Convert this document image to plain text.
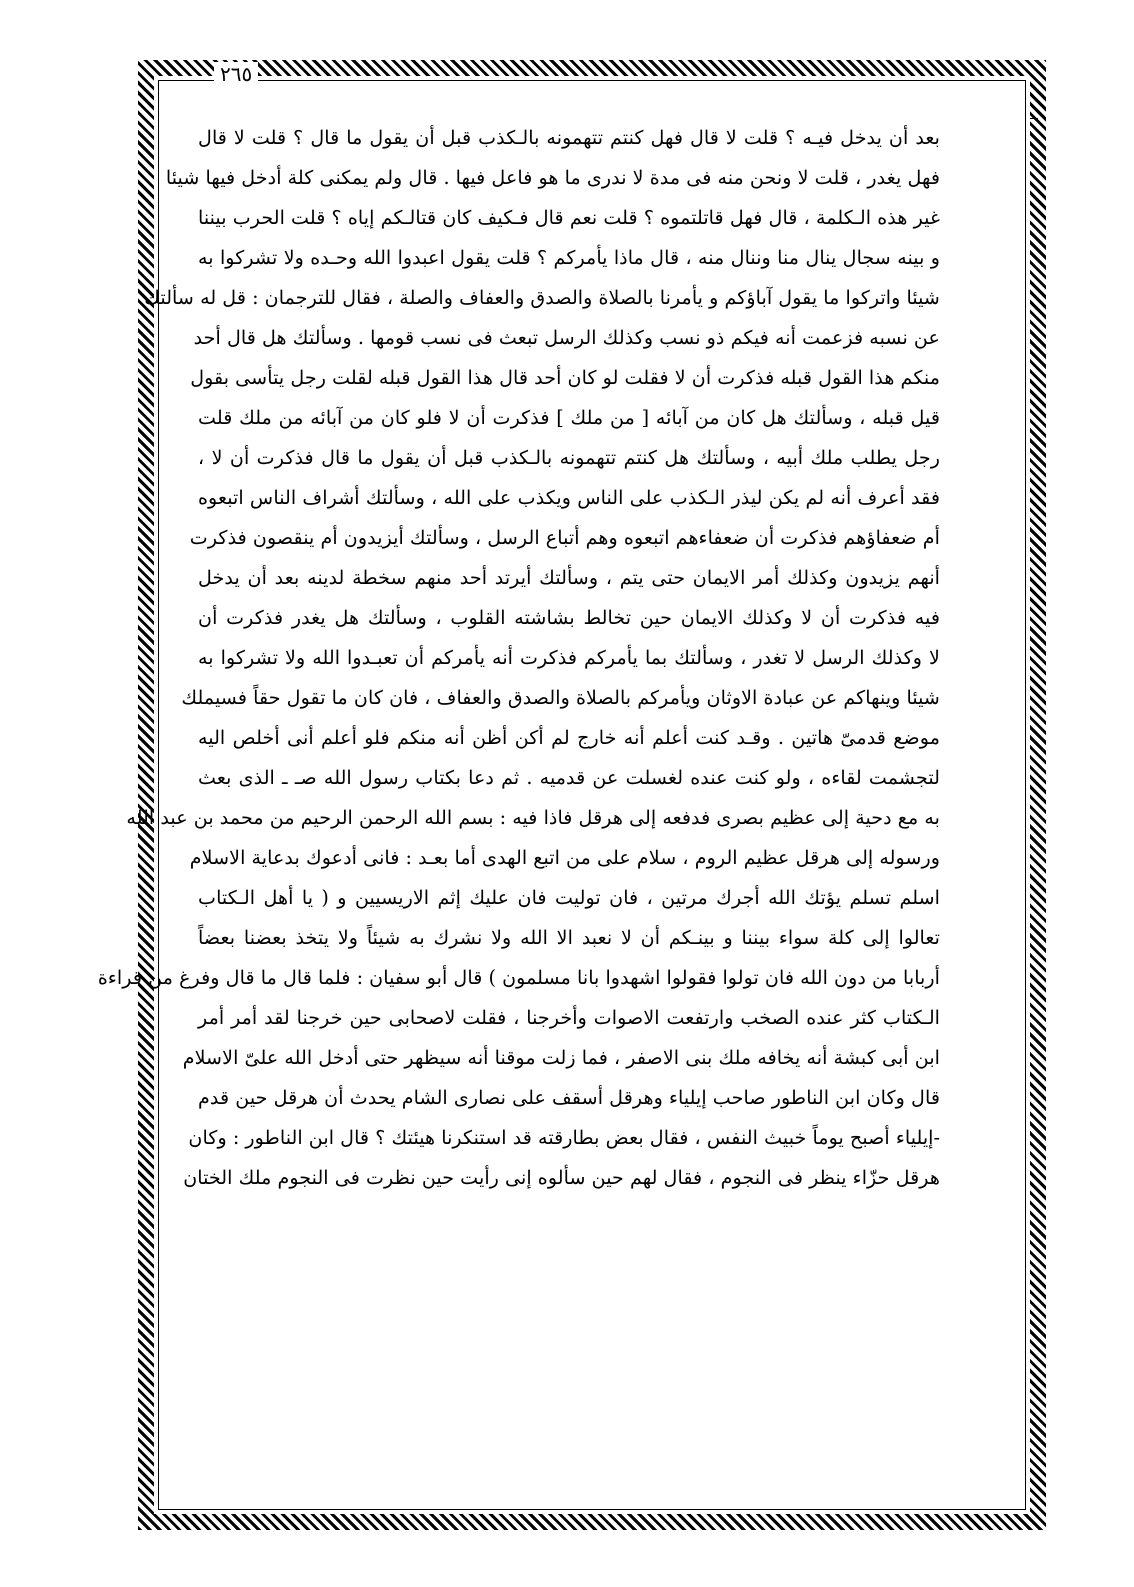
٢٦٥
بعد أن يدخل فيـه ؟ قلت لا قال فهل كنتم تتهمونه بالـكذب قبل أن يقول ما قال ؟ قلت لا قال
فهل يغدر ، قلت لا ونحن منه فى مدة لا ندرى ما هو فاعل فيها . قال ولم يمكنى كلة أدخل فيها شيئا
غير هذه الـكلمة ، قال فهل قاتلتموه ؟ قلت نعم قال فـكيف كان قتالـكم إياه ؟ قلت الحرب بيننا
و بينه سجال ينال منا وننال منه ، قال ماذا يأمركم ؟ قلت يقول اعبدوا الله وحـده ولا تشركوا به
شيئا واتركوا ما يقول آباؤكم و يأمرنا بالصلاة والصدق والعفاف والصلة ، فقال للترجمان : قل له سألتك
عن نسبه فزعمت أنه فيكم ذو نسب وكذلك الرسل تبعث فى نسب قومها . وسألتك هل قال أحد
منكم هذا القول قبله فذكرت أن لا فقلت لو كان أحد قال هذا القول قبله لقلت رجل يتأسى بقول
قيل قبله ، وسألتك هل كان من آبائه [ من ملك ] فذكرت أن لا فلو كان من آبائه من ملك قلت
رجل يطلب ملك أبيه ، وسألتك هل كنتم تتهمونه بالـكذب قبل أن يقول ما قال فذكرت أن لا ،
فقد أعرف أنه لم يكن ليذر الـكذب على الناس ويكذب على الله ، وسألتك أشراف الناس اتبعوه
أم ضعفاؤهم فذكرت أن ضعفاءهم اتبعوه وهم أتباع الرسل ، وسألتك أيزيدون أم ينقصون فذكرت
أنهم يزيدون وكذلك أمر الايمان حتى يتم ، وسألتك أيرتد أحد منهم سخطة لدينه بعد أن يدخل
فيه فذكرت أن لا وكذلك الايمان حين تخالط بشاشته القلوب ، وسألتك هل يغدر فذكرت أن
لا وكذلك الرسل لا تغدر ، وسألتك بما يأمركم فذكرت أنه يأمركم أن تعبـدوا الله ولا تشركوا به
شيئا وينهاكم عن عبادة الاوثان ويأمركم بالصلاة والصدق والعفاف ، فان كان ما تقول حقاً فسيملك
موضع قدمىّ هاتين . وقـد كنت أعلم أنه خارج لم أكن أظن أنه منكم فلو أعلم أنى أخلص اليه
لتجشمت لقاءه ، ولو كنت عنده لغسلت عن قدميه . ثم دعا بكتاب رسول الله صـ ـ الذى بعث
به مع دحية إلى عظيم بصرى فدفعه إلى هرقل فاذا فيه : بسم الله الرحمن الرحيم من محمد بن عبد الله
ورسوله إلى هرقل عظيم الروم ، سلام على من اتبع الهدى أما بعـد : فانى أدعوك بدعاية الاسلام
اسلم تسلم يؤتك الله أجرك مرتين ، فان توليت فان عليك إثم الاريسيين و ( يا أهل الـكتاب
تعالوا إلى كلة سواء بيننا و بينـكم أن لا نعبد الا الله ولا نشرك به شيئاً ولا يتخذ بعضنا بعضاً
أربابا من دون الله فان تولوا فقولوا اشهدوا بانا مسلمون ) قال أبو سفيان : فلما قال ما قال وفرغ من قراءة
الـكتاب كثر عنده الصخب وارتفعت الاصوات وأخرجنا ، فقلت لاصحابى حين خرجنا لقد أمر أمر
ابن أبى كبشة أنه يخافه ملك بنى الاصفر ، فما زلت موقنا أنه سيظهر حتى أدخل الله علىّ الاسلام
قال وكان ابن الناطور صاحب إيلياء وهرقل أسقف على نصارى الشام يحدث أن هرقل حين قدم
-إيلياء أصبح يوماً خبيث النفس ، فقال بعض بطارقته قد استنكرنا هيئتك ؟ قال ابن الناطور : وكان
هرقل حزّاء ينظر فى النجوم ، فقال لهم حين سألوه إنى رأيت حين نظرت فى النجوم ملك الختان
